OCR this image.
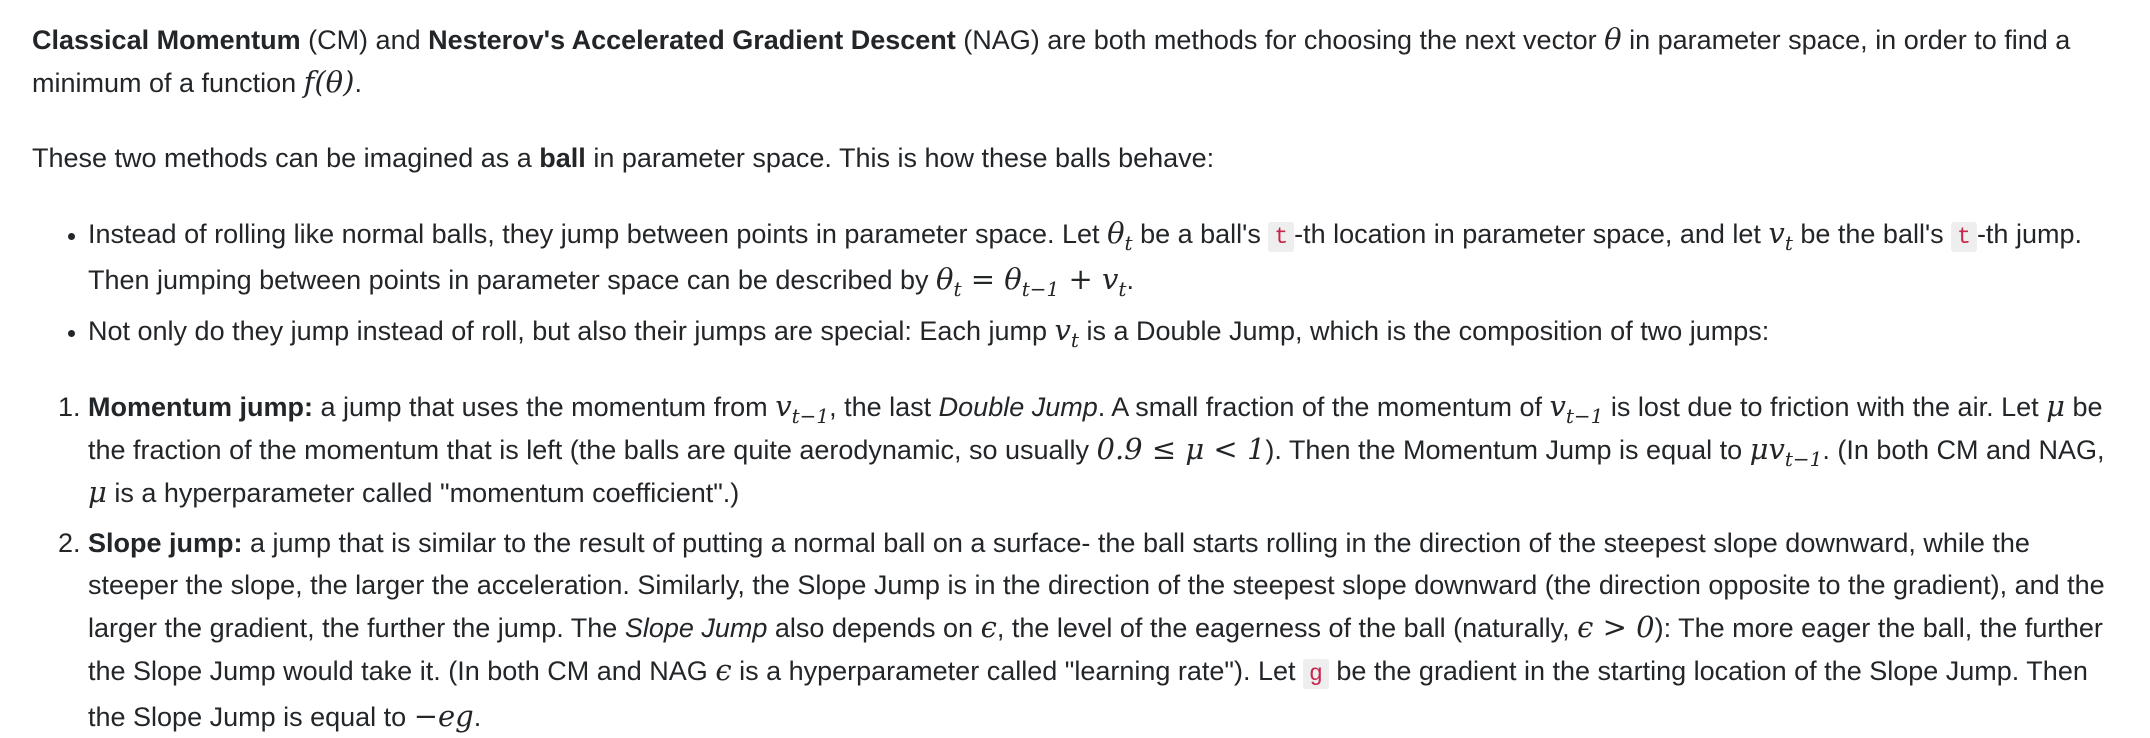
Classical Momentum (CM) and Nesterov's Accelerated Gradient Descent (NAG) are both methods for choosing the next vector θ in parameter space, in order to find a minimum of a function f(θ).

These two methods can be imagined as a ball in parameter space. This is how these balls behave:

• Instead of rolling like normal balls, they jump between points in parameter space. Let $\theta_t$ be a ball's t -th location in parameter space, and let $v_t$ be the ball's t -th jump. Then jumping between points in parameter space can be described by $\theta_t = \theta_{t-1} + v_t$.
• Not only do they jump instead of roll, but also their jumps are special: Each jump $v_t$ is a Double Jump, which is the composition of two jumps:
1. Momentum jump: a jump that uses the momentum from $v_{t-1}$, the last Double Jump. A small fraction of the momentum of $v_{t-1}$ is lost due to friction with the air. Let μ be the fraction of the momentum that is left (the balls are quite aerodynamic, so usually 0.9 ≤ μ < 1). Then the Momentum Jump is equal to $\mu v_{t-1}$. (In both CM and NAG, μ is a hyperparameter called "momentum coefficient".)
2. Slope jump: a jump that is similar to the result of putting a normal ball on a surface- the ball starts rolling in the direction of the steepest slope downward, while the steeper the slope, the larger the acceleration. Similarly, the Slope Jump is in the direction of the steepest slope downward (the direction opposite to the gradient), and the larger the gradient, the further the jump. The Slope Jump also depends on ϵ, the level of the eagerness of the ball (naturally, ϵ > 0): The more eager the ball, the further the Slope Jump would take it. (In both CM and NAG ϵ is a hyperparameter called "learning rate"). Let g be the gradient in the starting location of the Slope Jump. Then the Slope Jump is equal to −eg.
